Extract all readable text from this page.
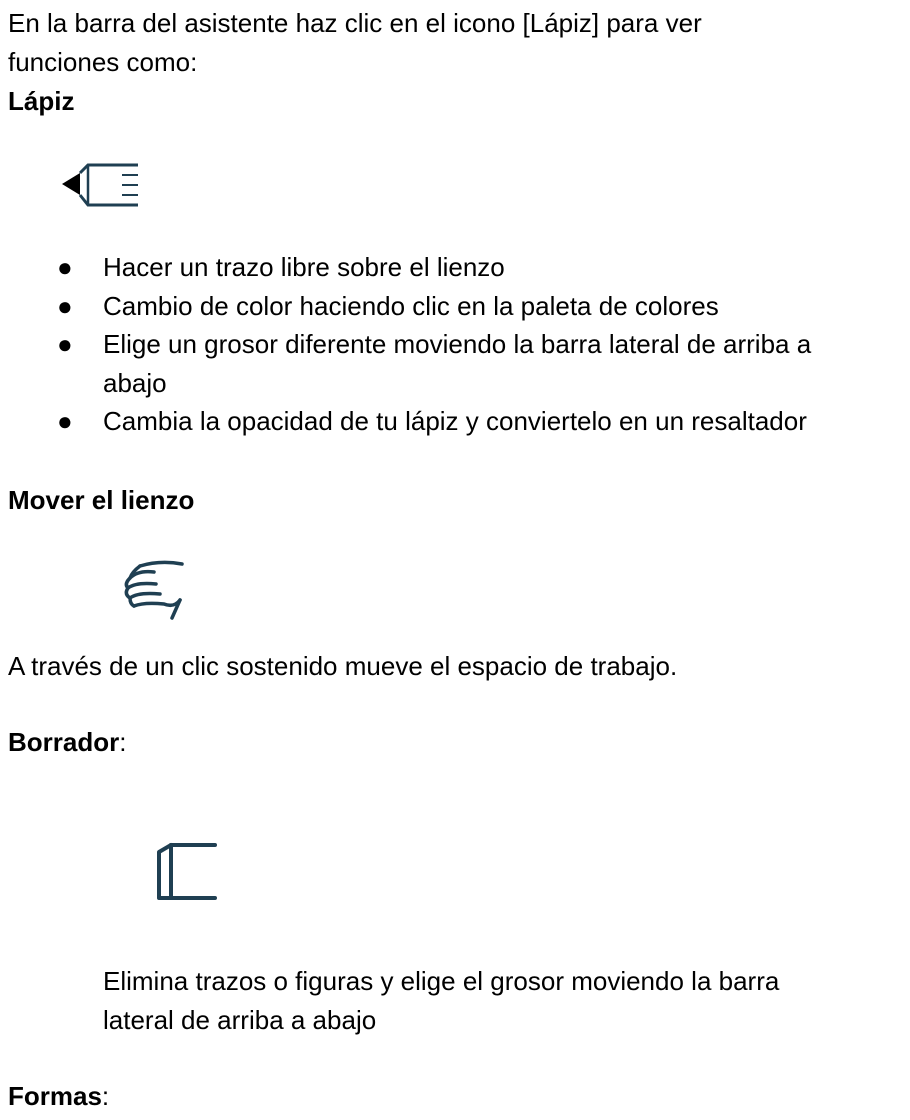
En la barra del asistente haz clic en el icono [Lápiz] para ver

funciones como:

Lápiz

● Hacer un trazo libre sobre el lienzo
● Cambio de color haciendo clic en la paleta de colores
● Elige un grosor diferente moviendo la barra lateral de arriba a
abajo
● Cambia la opacidad de tu lápiz y conviertelo en un resaltador

Mover el lienzo

A través de un clic sostenido mueve el espacio de trabajo.

Borrador:

Elimina trazos o figuras y elige el grosor moviendo la barra

lateral de arriba a abajo

Formas:
